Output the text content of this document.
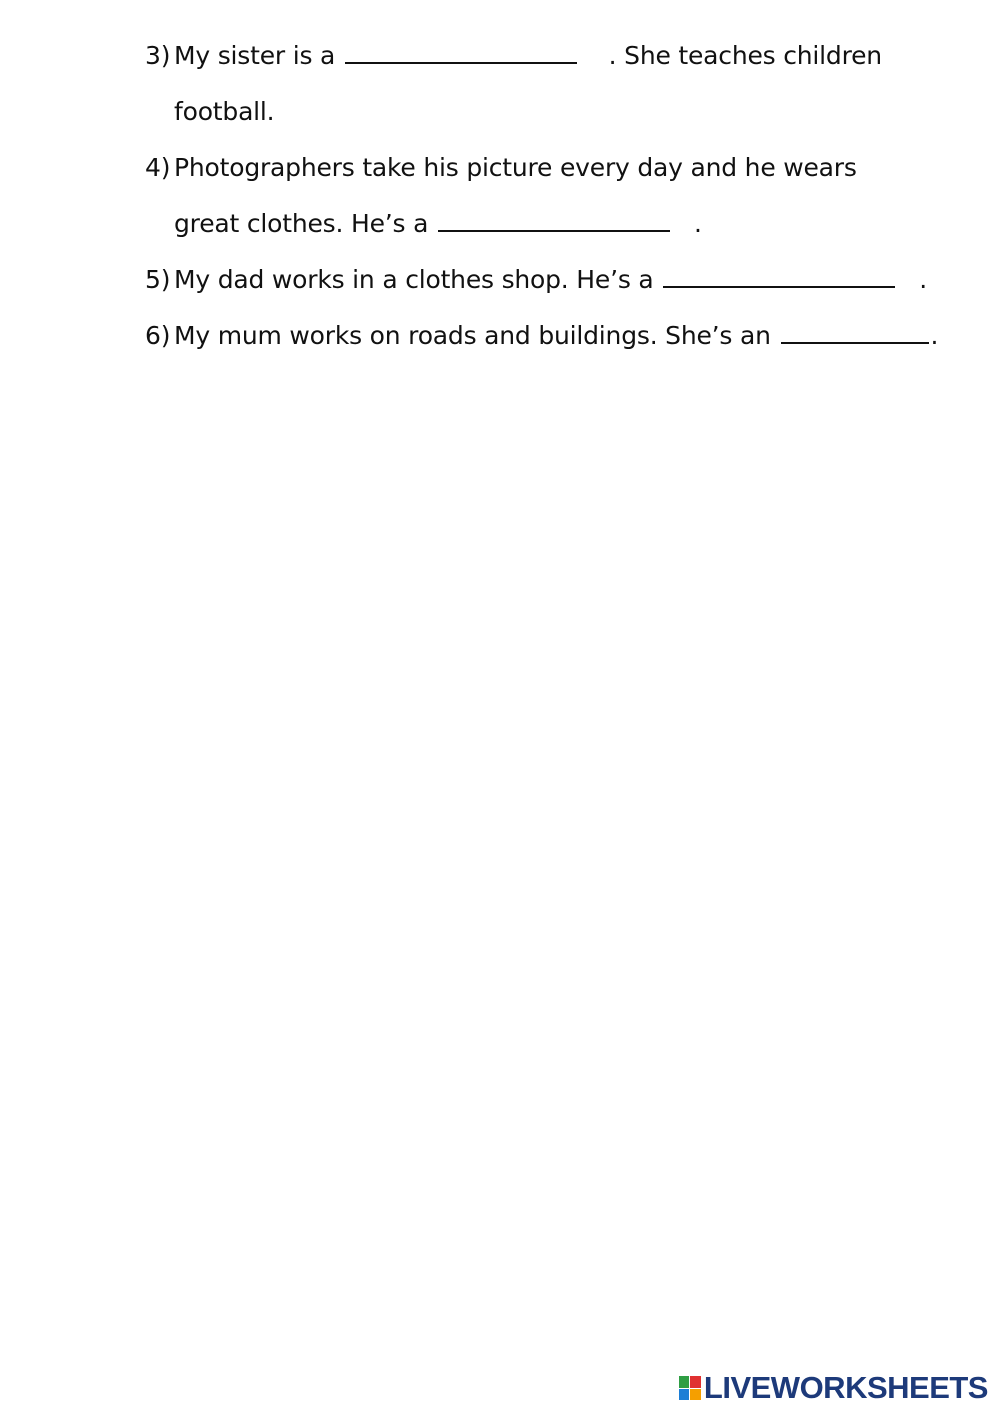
3) My sister is a	. She teaches children
football.
4) Photographers take his picture every day and he wears
great clothes. He’s a	.
5) My dad works in a clothes shop. He’s a	.
6) My mum works on roads and buildings. She’s an	.
LIVEWORKSHEETS
